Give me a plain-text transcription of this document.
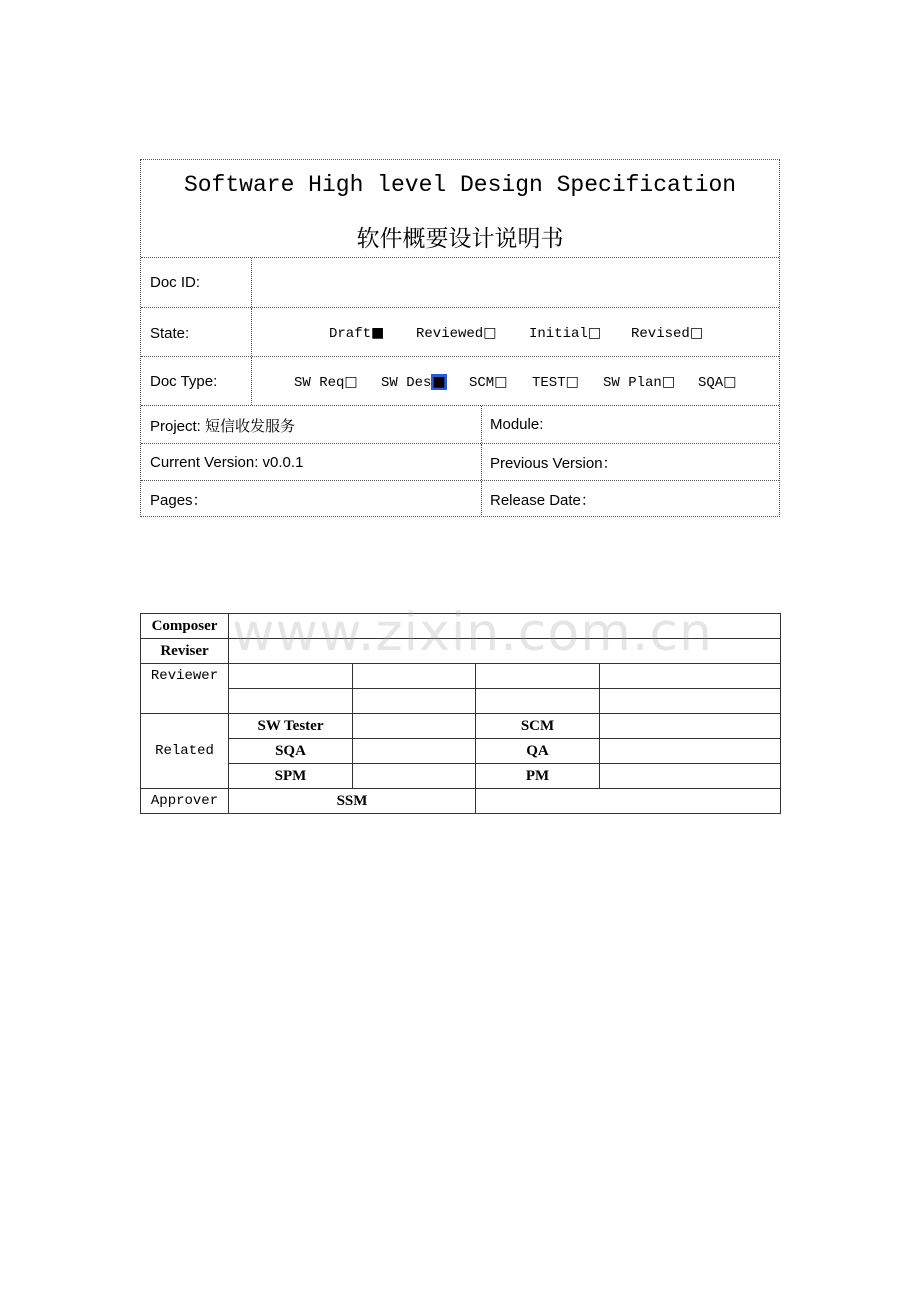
Software High level Design Specification
软件概要设计说明书
Doc ID:
State:	Draft■ Reviewed□ Initial□ Revised□
Doc Type:	SW Req□ SW Des■ SCM□ TEST□ SW Plan□ SQA□
Project: 短信收发服务	Module:
Current Version: v0.0.1	Previous Version：
Pages：	Release Date：
Composer				
Reviser				
Reviewer				

Related	SW Tester		SCM	
	SQA		QA	
	SPM		PM	
Approver	SSM			
www.zixin.com.cn
